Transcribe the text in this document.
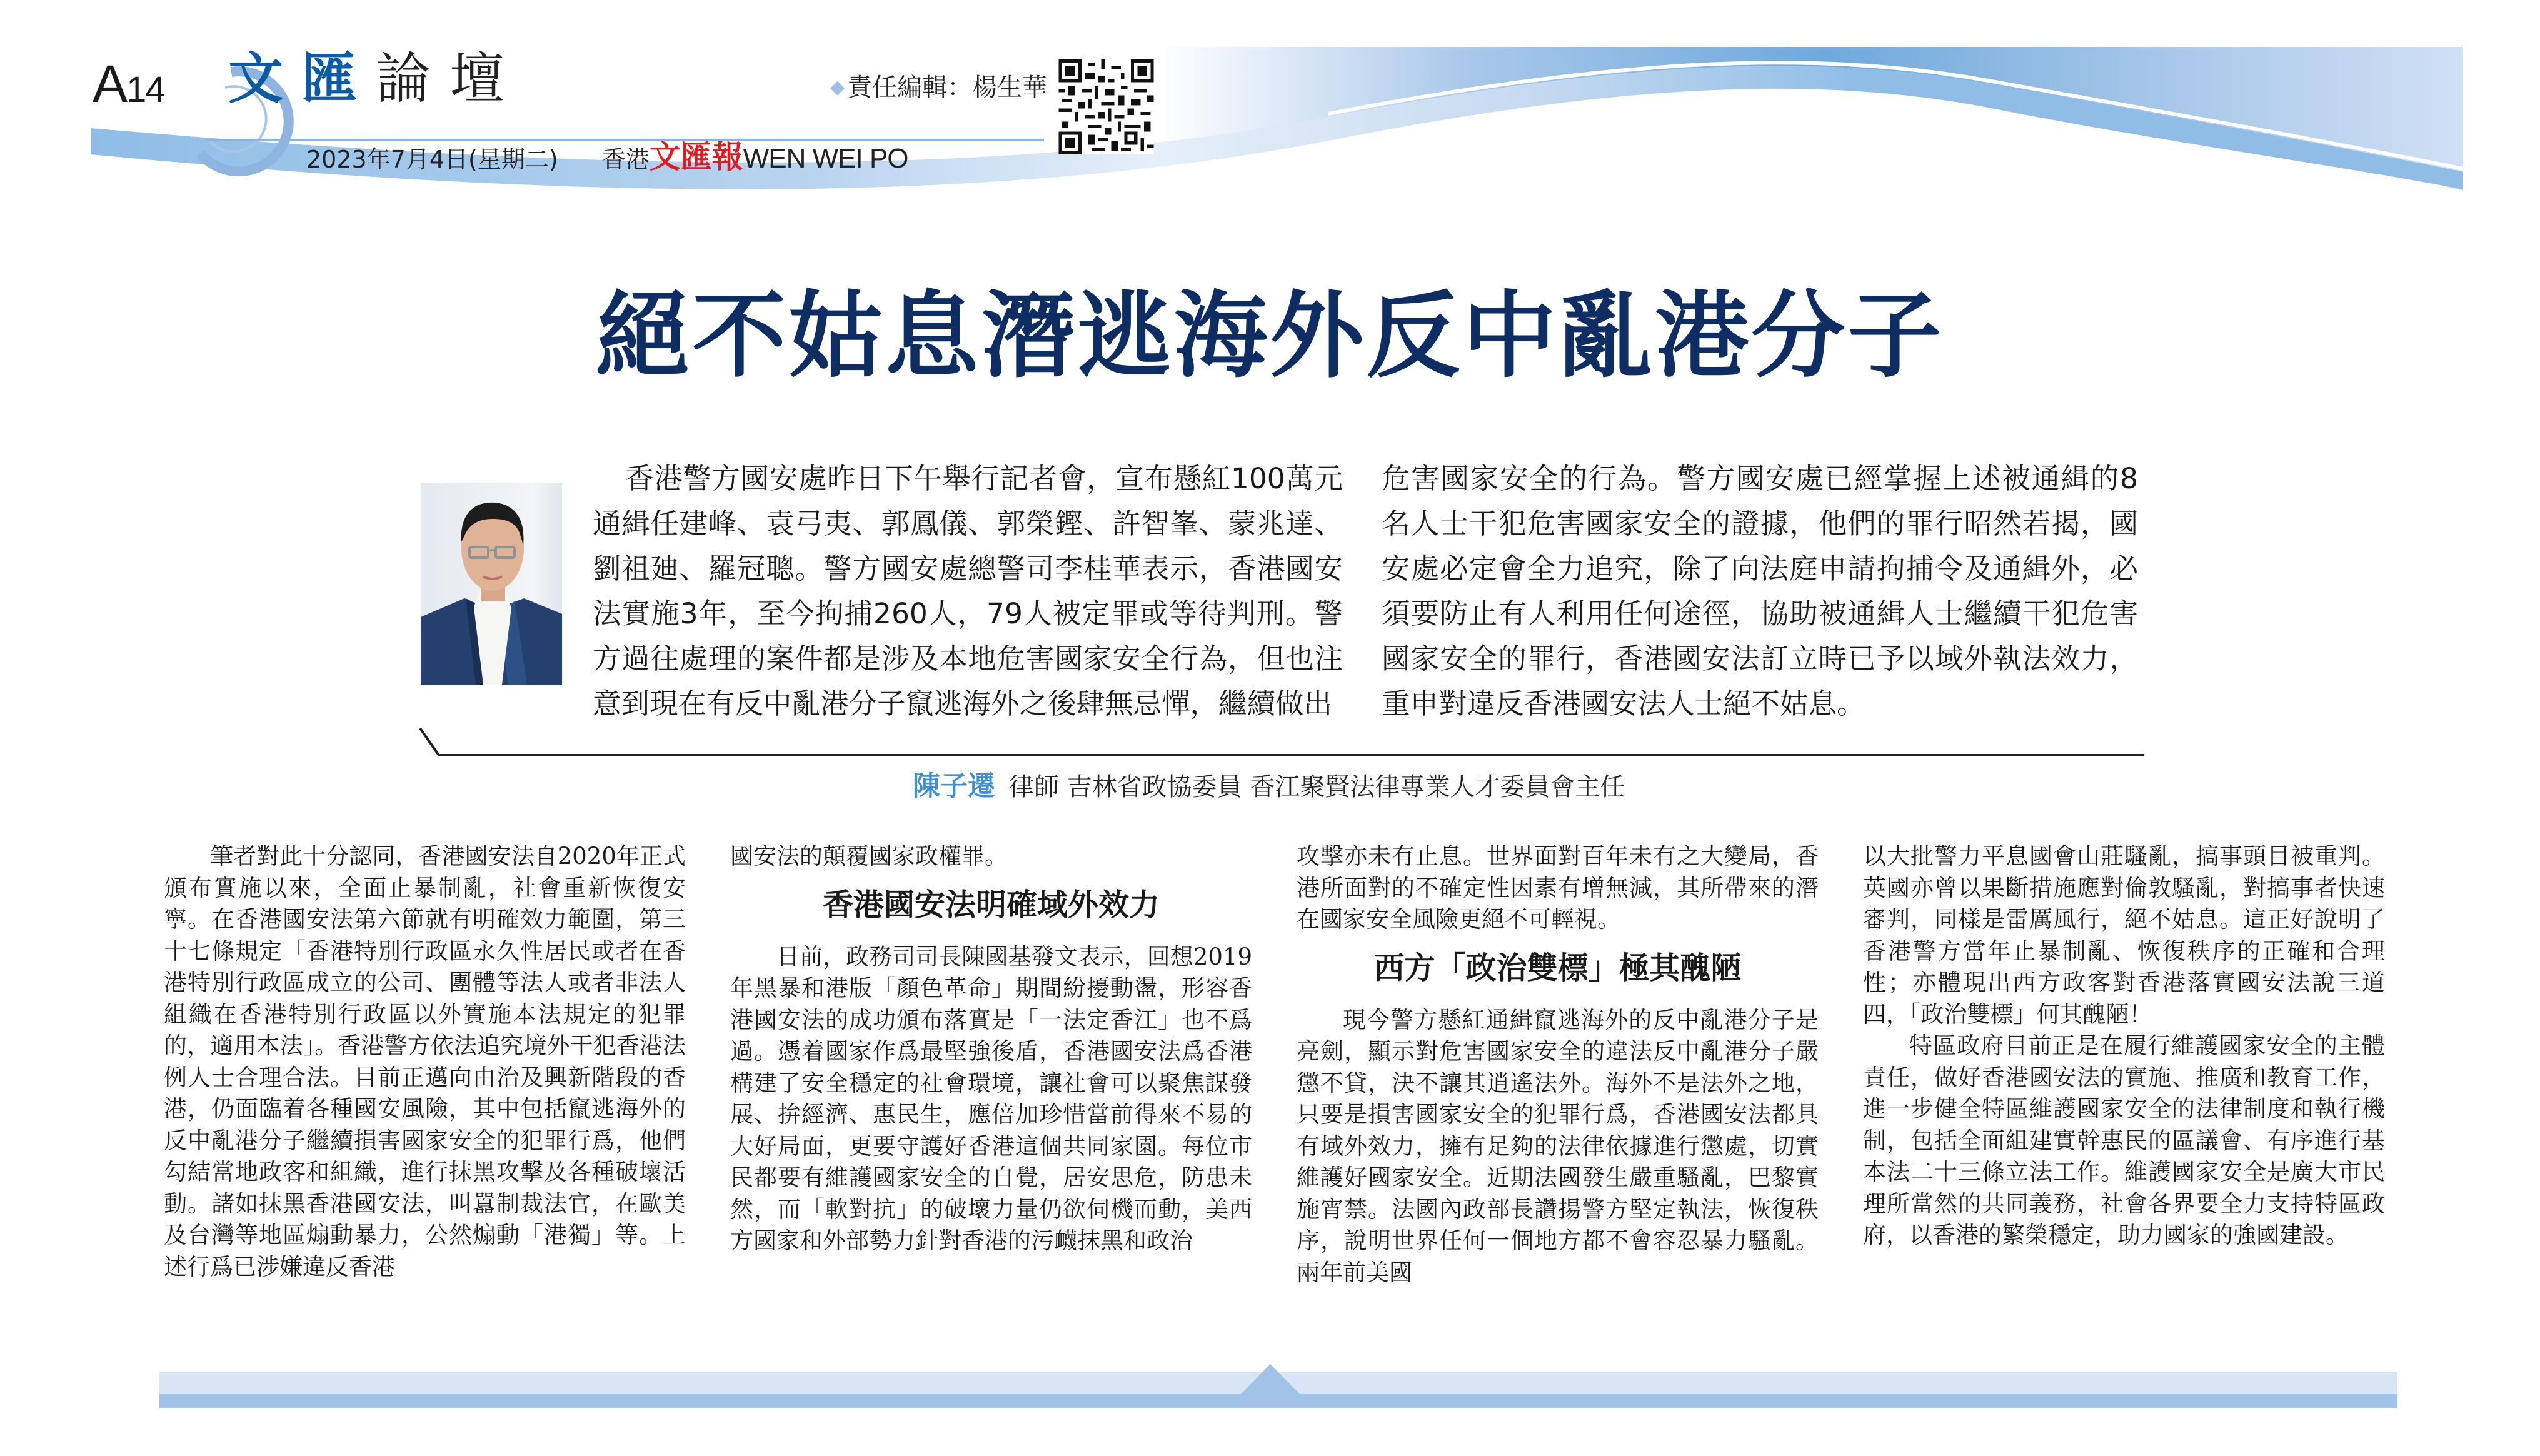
A14 文匯論壇	◆ 責任編輯：楊生華
2023年7月4日(星期二) 香港文匯報WEN WEI PO
絕不姑息潛逃海外反中亂港分子
香港警方國安處昨日下午舉行記者會，宣布懸紅100萬元通緝任建峰、袁弓夷、郭鳳儀、郭榮鏗、許智峯、蒙兆達、劉祖廸、羅冠聰。警方國安處總警司李桂華表示，香港國安法實施3年，至今拘捕260人，79人被定罪或等待判刑。警方過往處理的案件都是涉及本地危害國家安全行為，但也注意到現在有反中亂港分子竄逃海外之後肆無忌憚，繼續做出
危害國家安全的行為。警方國安處已經掌握上述被通緝的8名人士干犯危害國家安全的證據，他們的罪行昭然若揭，國安處必定會全力追究，除了向法庭申請拘捕令及通緝外，必須要防止有人利用任何途徑，協助被通緝人士繼續干犯危害國家安全的罪行，香港國安法訂立時已予以域外執法效力，重申對違反香港國安法人士絕不姑息。
陳子遷 律師 吉林省政協委員 香江聚賢法律專業人才委員會主任

筆者對此十分認同，香港國安法自2020年正式頒布實施以來，全面止暴制亂，社會重新恢復安寧。在香港國安法第六節就有明確效力範圍，第三十七條規定「香港特別行政區永久性居民或者在香港特別行政區成立的公司、團體等法人或者非法人組織在香港特別行政區以外實施本法規定的犯罪的，適用本法」。香港警方依法追究境外干犯香港法例人士合理合法。目前正邁向由治及興新階段的香港，仍面臨着各種國安風險，其中包括竄逃海外的反中亂港分子繼續損害國家安全的犯罪行爲，他們勾結當地政客和組織，進行抹黑攻擊及各種破壞活動。諸如抹黑香港國安法，叫囂制裁法官，在歐美及台灣等地區煽動暴力，公然煽動「港獨」等。上述行爲已涉嫌違反香港

國安法的顛覆國家政權罪。

香港國安法明確域外效力

日前，政務司司長陳國基發文表示，回想2019年黑暴和港版「顏色革命」期間紛擾動盪，形容香港國安法的成功頒布落實是「一法定香江」也不爲過。憑着國家作爲最堅強後盾，香港國安法爲香港構建了安全穩定的社會環境，讓社會可以聚焦謀發展、拚經濟、惠民生，應倍加珍惜當前得來不易的大好局面，更要守護好香港這個共同家園。每位市民都要有維護國家安全的自覺，居安思危，防患未然，而「軟對抗」的破壞力量仍欲伺機而動，美西方國家和外部勢力針對香港的污衊抹黑和政治

攻擊亦未有止息。世界面對百年未有之大變局，香港所面對的不確定性因素有增無減，其所帶來的潛在國家安全風險更絕不可輕視。

西方「政治雙標」極其醜陋

現今警方懸紅通緝竄逃海外的反中亂港分子是亮劍，顯示對危害國家安全的違法反中亂港分子嚴懲不貸，決不讓其逍遙法外。海外不是法外之地，只要是損害國家安全的犯罪行爲，香港國安法都具有域外效力，擁有足夠的法律依據進行懲處，切實維護好國家安全。近期法國發生嚴重騷亂，巴黎實施宵禁。法國內政部長讚揚警方堅定執法，恢復秩序，說明世界任何一個地方都不會容忍暴力騷亂。兩年前美國

以大批警力平息國會山莊騷亂，搞事頭目被重判。英國亦曾以果斷措施應對倫敦騷亂，對搞事者快速審判，同樣是雷厲風行，絕不姑息。這正好說明了香港警方當年止暴制亂、恢復秩序的正確和合理性；亦體現出西方政客對香港落實國安法說三道四，「政治雙標」何其醜陋！

特區政府目前正是在履行維護國家安全的主體責任，做好香港國安法的實施、推廣和教育工作，進一步健全特區維護國家安全的法律制度和執行機制，包括全面組建實幹惠民的區議會、有序進行基本法二十三條立法工作。維護國家安全是廣大市民理所當然的共同義務，社會各界要全力支持特區政府，以香港的繁榮穩定，助力國家的強國建設。
